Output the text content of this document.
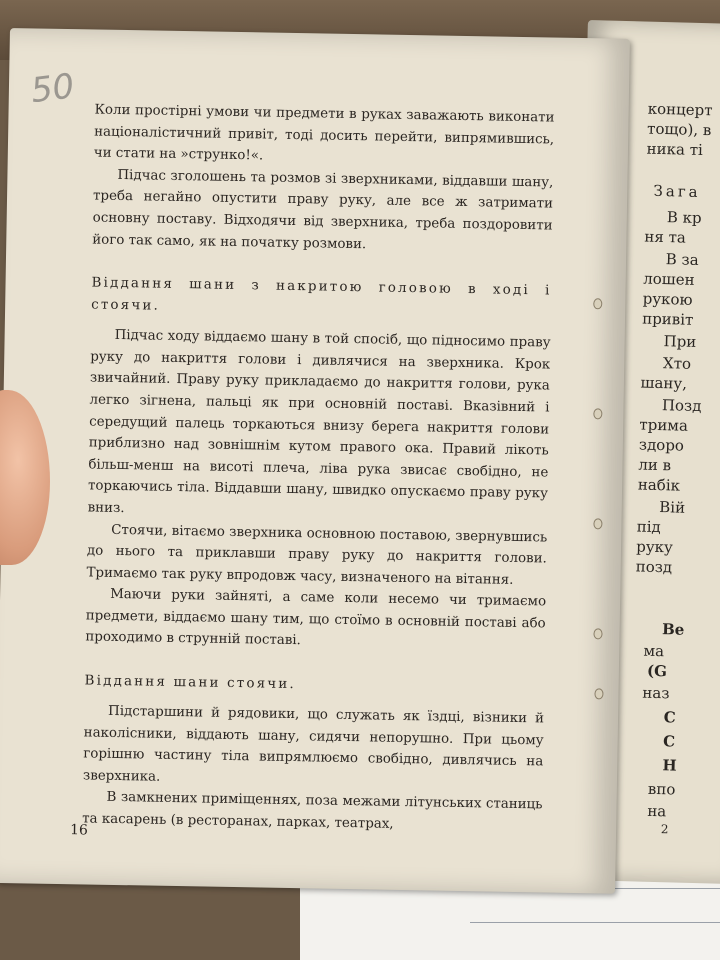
концерт
тощо), в
ника ті
Зага
В кр
ня та
В за
лошен
рукою
привіт
При
Хто
шану,
Позд
трима
здоро
ли в
набік
Вій
під
руку
позд
Ве
ма
(G
наз
С
С
Н
впо
на
2
50

Коли простірні умови чи предмети в руках заважають виконати націоналістичний привіт, тоді досить перейти, випрямившись, чи стати на »струнко!«.

Підчас зголошень та розмов зі зверхниками, віддавши шану, треба негайно опустити праву руку, але все ж затримати основну поставу. Відходячи від зверхника, треба поздоровити його так само, як на початку розмови.

Віддання шани з накритою головою в ході і стоячи.

Підчас ходу віддаємо шану в той спосіб, що підносимо праву руку до накриття голови і дивлячися на зверхника. Крок звичайний. Праву руку прикладаємо до накриття голови, рука легко зігнена, пальці як при основній поставі. Вказівний і середущий палець торкаються внизу берега накриття голови приблизно над зовнішнім кутом правого ока. Правий лікоть більш-менш на висоті плеча, ліва рука звисає свобідно, не торкаючись тіла. Віддавши шану, швидко опускаємо праву руку вниз.

Стоячи, вітаємо зверхника основною поставою, звернувшись до нього та приклавши праву руку до накриття голови. Тримаємо так руку впродовж часу, визначеного на вітання.

Маючи руки зайняті, а саме коли несемо чи тримаємо предмети, віддаємо шану тим, що стоїмо в основній поставі або проходимо в струнній поставі.

Віддання шани стоячи.

Підстаршини й рядовики, що служать як їздці, візники й наколісники, віддають шану, сидячи непорушно. При цьому горішню частину тіла випрямлюємо свобідно, дивлячись на зверхника.

В замкнених приміщеннях, поза межами літунських станиць та касарень (в ресторанах, парках, театрах,

16
